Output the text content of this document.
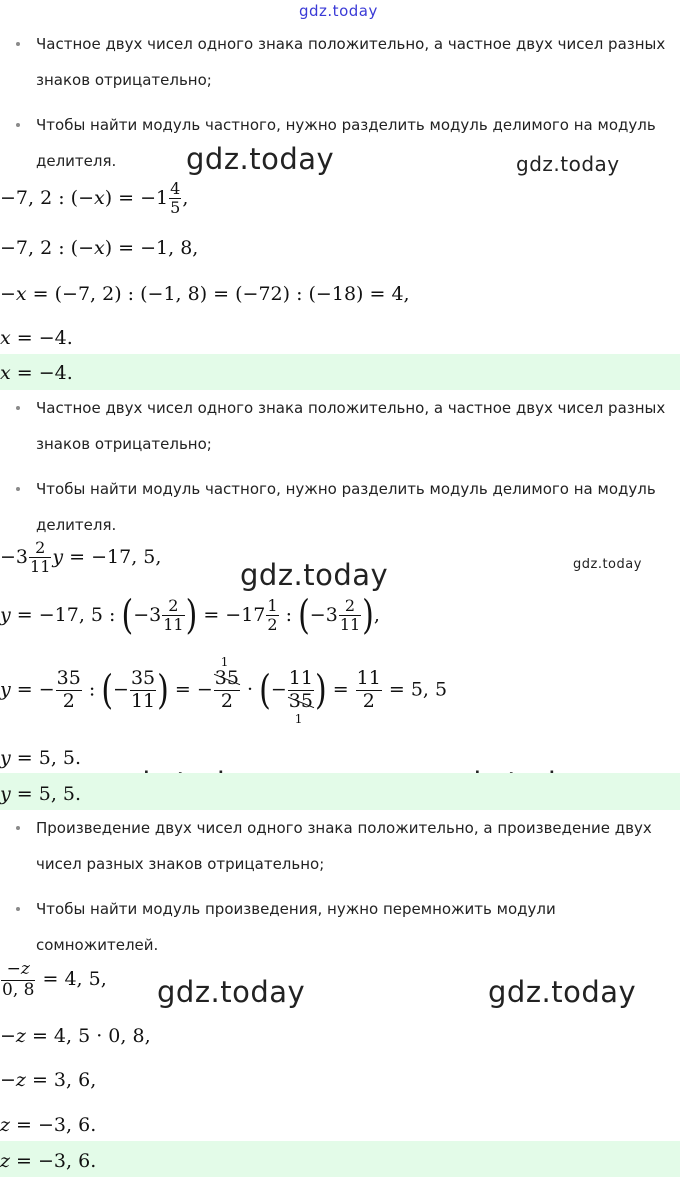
gdz.today
gdz.today	gdz.today
gdz.today	gdz.today
gdz.today	gdz.today
Частное двух чисел одного знака положительно, а частное двух чисел разных знаков отрицательно;
Чтобы найти модуль частного, нужно разделить модуль делимого на модуль делителя.
−7, 2 : $(-x) = -1 \frac{4}{5}$ ,
−7, 2 : (−x) = −1, 8,
−x = (−7, 2) : (−1, 8) = (−72) : (−18) = 4,
x = −4.
x = −4.
Частное двух чисел одного знака положительно, а частное двух чисел разных знаков отрицательно;
Чтобы найти модуль частного, нужно разделить модуль делимого на модуль делителя.
$-3 \frac{2}{11}$ y = −17, 5,
y = −17, 5 : ($-3 \frac{2}{11}$ ) = $-17 \frac{1}{2}$ : ($-3 \frac{2}{11}$ ),
y = − $\frac{35}{2}$ : (− $\frac{35}{11}$ ) = − 35
1
2 · (− 11
35
1 ) = $\frac{11}{2} = 5$, 5
y = 5, 5.
y = 5, 5.
Произведение двух чисел одного знака положительно, а произведение двух чисел разных знаков отрицательно;
Чтобы найти модуль произведения, нужно перемножить модули сомножителей.
$\frac{-z}{0, 8} = 4$, 5,
−z = 4, 5 · 0, 8,
−z = 3, 6,
z = −3, 6.
z = −3, 6.
